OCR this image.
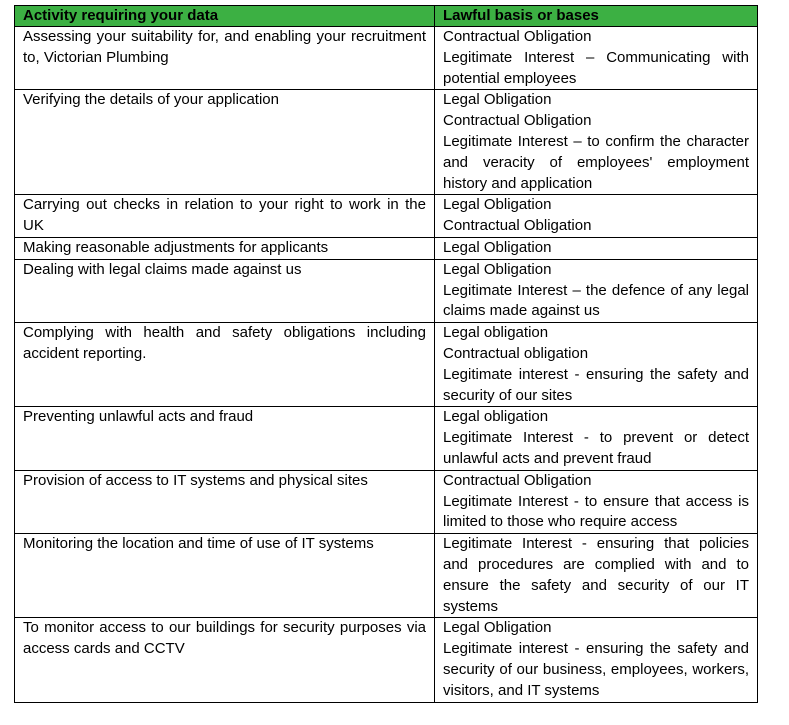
Activity requiring your data	Lawful basis or bases
Assessing your suitability for, and enabling your recruitment to, Victorian Plumbing	Contractual Obligation
Legitimate Interest – Communicating with potential employees

Verifying the details of your application	Legal Obligation
Contractual Obligation
Legitimate Interest – to confirm the character and veracity of employees' employment history and application

Carrying out checks in relation to your right to work in the UK	Legal Obligation
Contractual Obligation

Making reasonable adjustments for applicants	Legal Obligation

Dealing with legal claims made against us	Legal Obligation
Legitimate Interest – the defence of any legal claims made against us

Complying with health and safety obligations including accident reporting.	Legal obligation
Contractual obligation
Legitimate interest - ensuring the safety and security of our sites

Preventing unlawful acts and fraud	Legal obligation
Legitimate Interest - to prevent or detect unlawful acts and prevent fraud

Provision of access to IT systems and physical sites	Contractual Obligation
Legitimate Interest - to ensure that access is limited to those who require access

Monitoring the location and time of use of IT systems	Legitimate Interest - ensuring that policies and procedures are complied with and to ensure the safety and security of our IT systems

To monitor access to our buildings for security purposes via access cards and CCTV	Legal Obligation
Legitimate interest - ensuring the safety and security of our business, employees, workers, visitors, and IT systems
